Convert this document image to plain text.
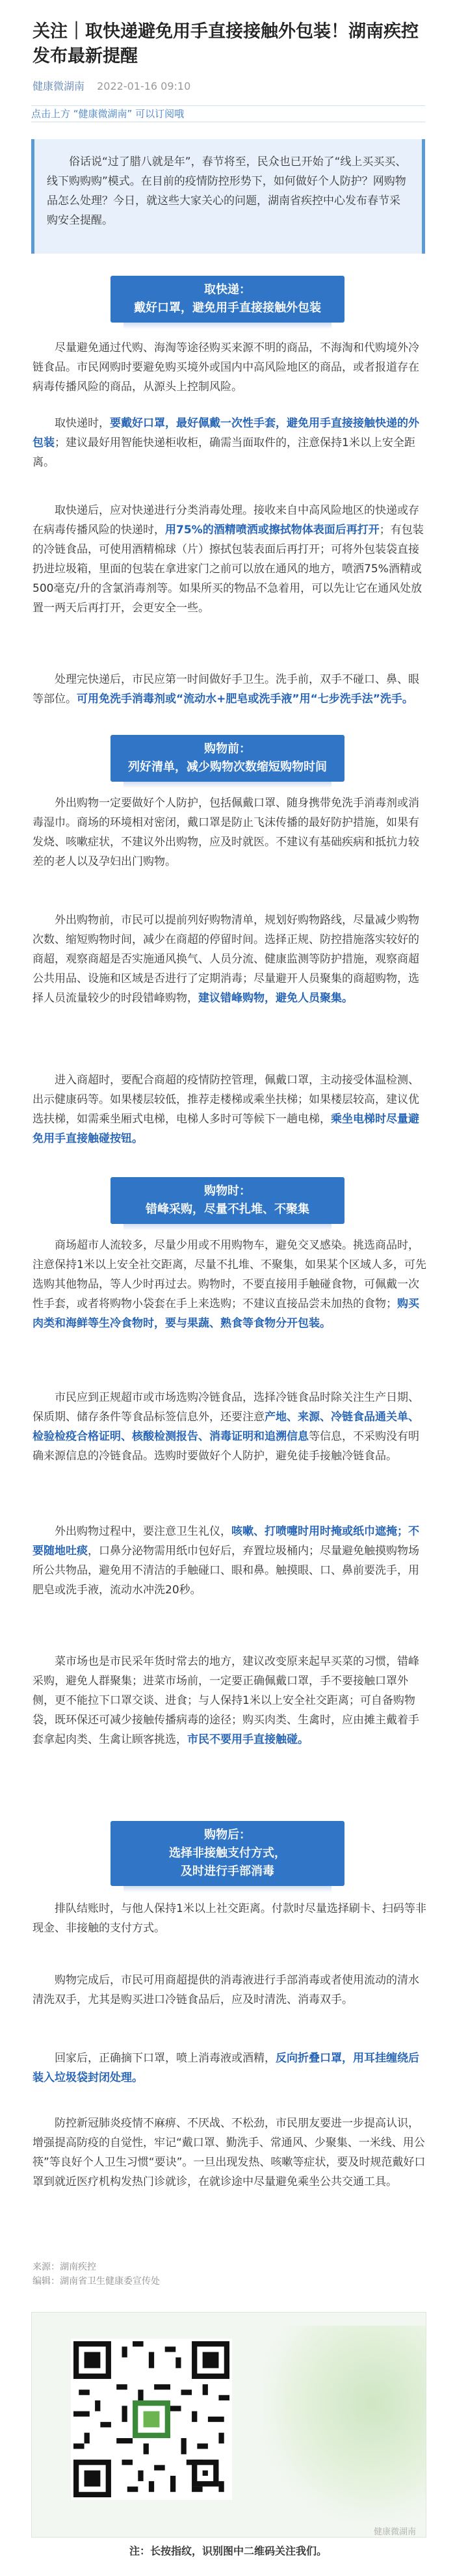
关注｜取快递避免用手直接接触外包装！湖南疾控发布最新提醒
健康微湖南 2022-01-16 09:10
点击上方 “健康微湖南” 可以订阅哦
俗话说“过了腊八就是年”，春节将至，民众也已开始了“线上买买买、线下购购购”模式。在目前的疫情防控形势下，如何做好个人防护？网购物品怎么处理？今日，就这些大家关心的问题，湖南省疾控中心发布春节采购安全提醒。
取快递：
戴好口罩，避免用手直接接触外包装
尽量避免通过代购、海淘等途径购买来源不明的商品，不海淘和代购境外冷链食品。市民网购时要避免购买境外或国内中高风险地区的商品，或者报道存在病毒传播风险的商品，从源头上控制风险。
取快递时，要戴好口罩，最好佩戴一次性手套，避免用手直接接触快递的外包装；建议最好用智能快递柜收柜，确需当面取件的，注意保持1米以上安全距离。
取快递后，应对快递进行分类消毒处理。接收来自中高风险地区的快递或存在病毒传播风险的快递时，用75%的酒精喷洒或擦拭物体表面后再打开；有包装的冷链食品，可使用酒精棉球（片）擦拭包装表面后再打开；可将外包装袋直接扔进垃圾箱，里面的包装在拿进家门之前可以放在通风的地方，喷洒75%酒精或500毫克/升的含氯消毒剂等。如果所买的物品不急着用，可以先让它在通风处放置一两天后再打开，会更安全一些。
处理完快递后，市民应第一时间做好手卫生。洗手前，双手不碰口、鼻、眼等部位。可用免洗手消毒剂或“流动水+肥皂或洗手液”用“七步洗手法”洗手。
购物前：
列好清单，减少购物次数缩短购物时间
外出购物一定要做好个人防护，包括佩戴口罩、随身携带免洗手消毒剂或消毒湿巾。商场的环境相对密闭，戴口罩是防止飞沫传播的最好防护措施，如果有发烧、咳嗽症状，不建议外出购物，应及时就医。不建议有基础疾病和抵抗力较差的老人以及孕妇出门购物。
外出购物前，市民可以提前列好购物清单，规划好购物路线，尽量减少购物次数、缩短购物时间，减少在商超的停留时间。选择正规、防控措施落实较好的商超，观察商超是否实施通风换气、人员分流、健康监测等防护措施，观察商超公共用品、设施和区域是否进行了定期消毒；尽量避开人员聚集的商超购物，选择人员流量较少的时段错峰购物，建议错峰购物，避免人员聚集。
进入商超时，要配合商超的疫情防控管理，佩戴口罩，主动接受体温检测、出示健康码等。如果楼层较低，推荐走楼梯或乘坐扶梯；如果楼层较高，建议优选扶梯，如需乘坐厢式电梯，电梯人多时可等候下一趟电梯，乘坐电梯时尽量避免用手直接触碰按钮。
购物时：
错峰采购，尽量不扎堆、不聚集
商场超市人流较多，尽量少用或不用购物车，避免交叉感染。挑选商品时，注意保持1米以上安全社交距离，尽量不扎堆、不聚集，如果某个区域人多，可先选购其他物品，等人少时再过去。购物时，不要直接用手触碰食物，可佩戴一次性手套，或者将购物小袋套在手上来选购；不建议直接品尝未加热的食物；购买肉类和海鲜等生冷食物时，要与果蔬、熟食等食物分开包装。
市民应到正规超市或市场选购冷链食品，选择冷链食品时除关注生产日期、保质期、储存条件等食品标签信息外，还要注意产地、来源、冷链食品通关单、检验检疫合格证明、核酸检测报告、消毒证明和追溯信息等信息，不采购没有明确来源信息的冷链食品。选购时要做好个人防护，避免徒手接触冷链食品。
外出购物过程中，要注意卫生礼仪，咳嗽、打喷嚏时用时掩或纸巾遮掩；不要随地吐痰，口鼻分泌物需用纸巾包好后，弃置垃圾桶内；尽量避免触摸购物场所公共物品，避免用不清洁的手触碰口、眼和鼻。触摸眼、口、鼻前要洗手，用肥皂或洗手液，流动水冲洗20秒。
菜市场也是市民采年货时常去的地方，建议改变原来起早买菜的习惯，错峰采购，避免人群聚集；进菜市场前，一定要正确佩戴口罩，手不要接触口罩外侧，更不能拉下口罩交谈、进食；与人保持1米以上安全社交距离；可自备购物袋，既环保还可减少接触传播病毒的途径；购买肉类、生禽时，应由摊主戴着手套拿起肉类、生禽让顾客挑选，市民不要用手直接触碰。
购物后：
选择非接触支付方式，
及时进行手部消毒
排队结账时，与他人保持1米以上社交距离。付款时尽量选择刷卡、扫码等非现金、非接触的支付方式。
购物完成后，市民可用商超提供的消毒液进行手部消毒或者使用流动的清水清洗双手，尤其是购买进口冷链食品后，应及时清洗、消毒双手。
回家后，正确摘下口罩，喷上消毒液或酒精，反向折叠口罩，用耳挂缠绕后装入垃圾袋封闭处理。
防控新冠肺炎疫情不麻痹、不厌战、不松劲，市民朋友要进一步提高认识，增强提高防疫的自觉性，牢记“戴口罩、勤洗手、常通风、少聚集、一米线、用公筷”等良好个人卫生习惯“要诀”。一旦出现发热、咳嗽等症状，要及时规范戴好口罩到就近医疗机构发热门诊就诊，在就诊途中尽量避免乘坐公共交通工具。
来源：湖南疾控
编辑：湖南省卫生健康委宣传处
健康微湖南
注：长按指纹，识别图中二维码关注我们。
